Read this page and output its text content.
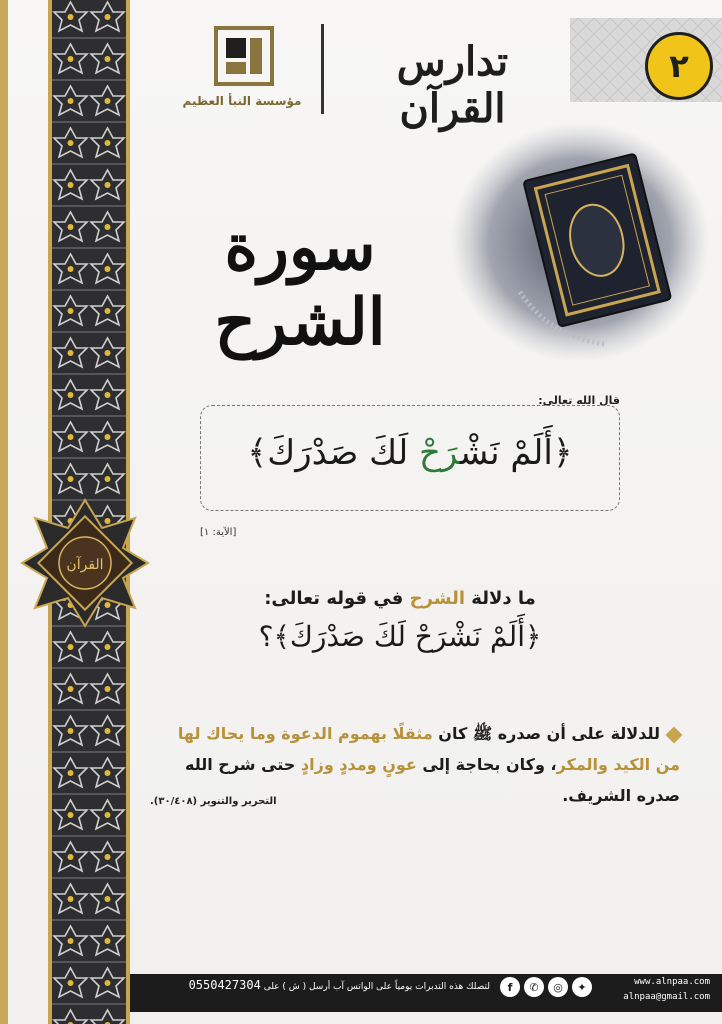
القرآن
٢
تدارس القرآن
مؤسسة النبأ العظيم
سورة الشرح
قال الله تعالى:
﴿أَلَمْ نَشْرَحْ لَكَ صَدْرَكَ﴾
[الآية: ١]
ما دلالة الشرح في قوله تعالى:
﴿أَلَمْ نَشْرَحْ لَكَ صَدْرَكَ﴾؟
للدلالة على أن صدره ﷺ كان مثقلًا بهموم الدعوة وما يحاك لها من الكيد والمكر، وكان بحاجة إلى عونٍ ومددٍ وزادٍ حتى شرح الله صدره الشريف.
التحرير والتنوير (٣٠/٤٠٨).
لتصلك هذه التدبرات يومياً على الواتس آب أرسل ( ش ) على 0550427304	f	✆	◎	✦	www.alnpaa.com
alnpaa@gmail.com
